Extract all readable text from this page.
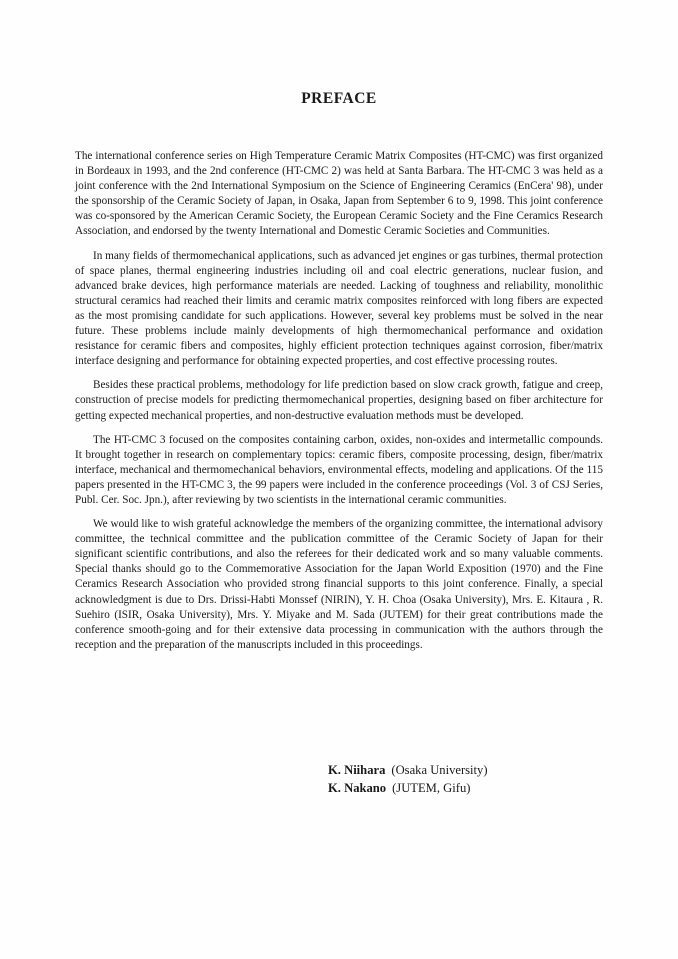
PREFACE

The international conference series on High Temperature Ceramic Matrix Composites (HT-CMC) was first organized in Bordeaux in 1993, and the 2nd conference (HT-CMC 2) was held at Santa Barbara. The HT-CMC 3 was held as a joint conference with the 2nd International Symposium on the Science of Engineering Ceramics (EnCera' 98), under the sponsorship of the Ceramic Society of Japan, in Osaka, Japan from September 6 to 9, 1998. This joint conference was co-sponsored by the American Ceramic Society, the European Ceramic Society and the Fine Ceramics Research Association, and endorsed by the twenty International and Domestic Ceramic Societies and Communities.

In many fields of thermomechanical applications, such as advanced jet engines or gas turbines, thermal protection of space planes, thermal engineering industries including oil and coal electric generations, nuclear fusion, and advanced brake devices, high performance materials are needed. Lacking of toughness and reliability, monolithic structural ceramics had reached their limits and ceramic matrix composites reinforced with long fibers are expected as the most promising candidate for such applications. However, several key problems must be solved in the near future. These problems include mainly developments of high thermomechanical performance and oxidation resistance for ceramic fibers and composites, highly efficient protection techniques against corrosion, fiber/matrix interface designing and performance for obtaining expected properties, and cost effective processing routes.

Besides these practical problems, methodology for life prediction based on slow crack growth, fatigue and creep, construction of precise models for predicting thermomechanical properties, designing based on fiber architecture for getting expected mechanical properties, and non-destructive evaluation methods must be developed.

The HT-CMC 3 focused on the composites containing carbon, oxides, non-oxides and intermetallic compounds. It brought together in research on complementary topics: ceramic fibers, composite processing, design, fiber/matrix interface, mechanical and thermomechanical behaviors, environmental effects, modeling and applications. Of the 115 papers presented in the HT-CMC 3, the 99 papers were included in the conference proceedings (Vol. 3 of CSJ Series, Publ. Cer. Soc. Jpn.), after reviewing by two scientists in the international ceramic communities.

We would like to wish grateful acknowledge the members of the organizing committee, the international advisory committee, the technical committee and the publication committee of the Ceramic Society of Japan for their significant scientific contributions, and also the referees for their dedicated work and so many valuable comments. Special thanks should go to the Commemorative Association for the Japan World Exposition (1970) and the Fine Ceramics Research Association who provided strong financial supports to this joint conference. Finally, a special acknowledgment is due to Drs. Drissi-Habti Monssef (NIRIN), Y. H. Choa (Osaka University), Mrs. E. Kitaura , R. Suehiro (ISIR, Osaka University), Mrs. Y. Miyake and M. Sada (JUTEM) for their great contributions made the conference smooth-going and for their extensive data processing in communication with the authors through the reception and the preparation of the manuscripts included in this proceedings.

K. Niihara (Osaka University)
K. Nakano (JUTEM, Gifu)
